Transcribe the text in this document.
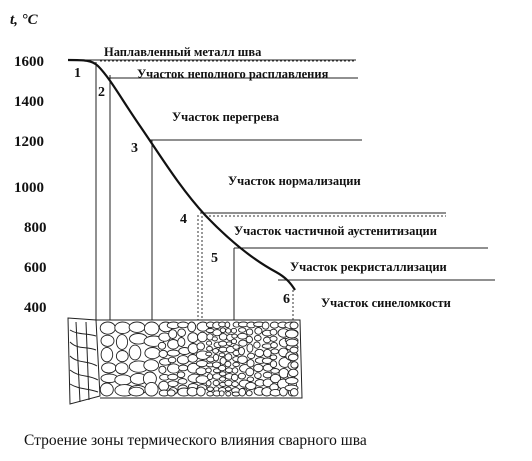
t, °C
1600
1400
1200
1000
800
600
400
1
2
3
4
5
6
Наплавленный металл шва
Участок неполного расплавления
Участок перегрева
Участок нормализации
Участок частичной аустенитизации
Участок рекристаллизации
Участок синеломкости
Строение зоны термического влияния сварного шва
